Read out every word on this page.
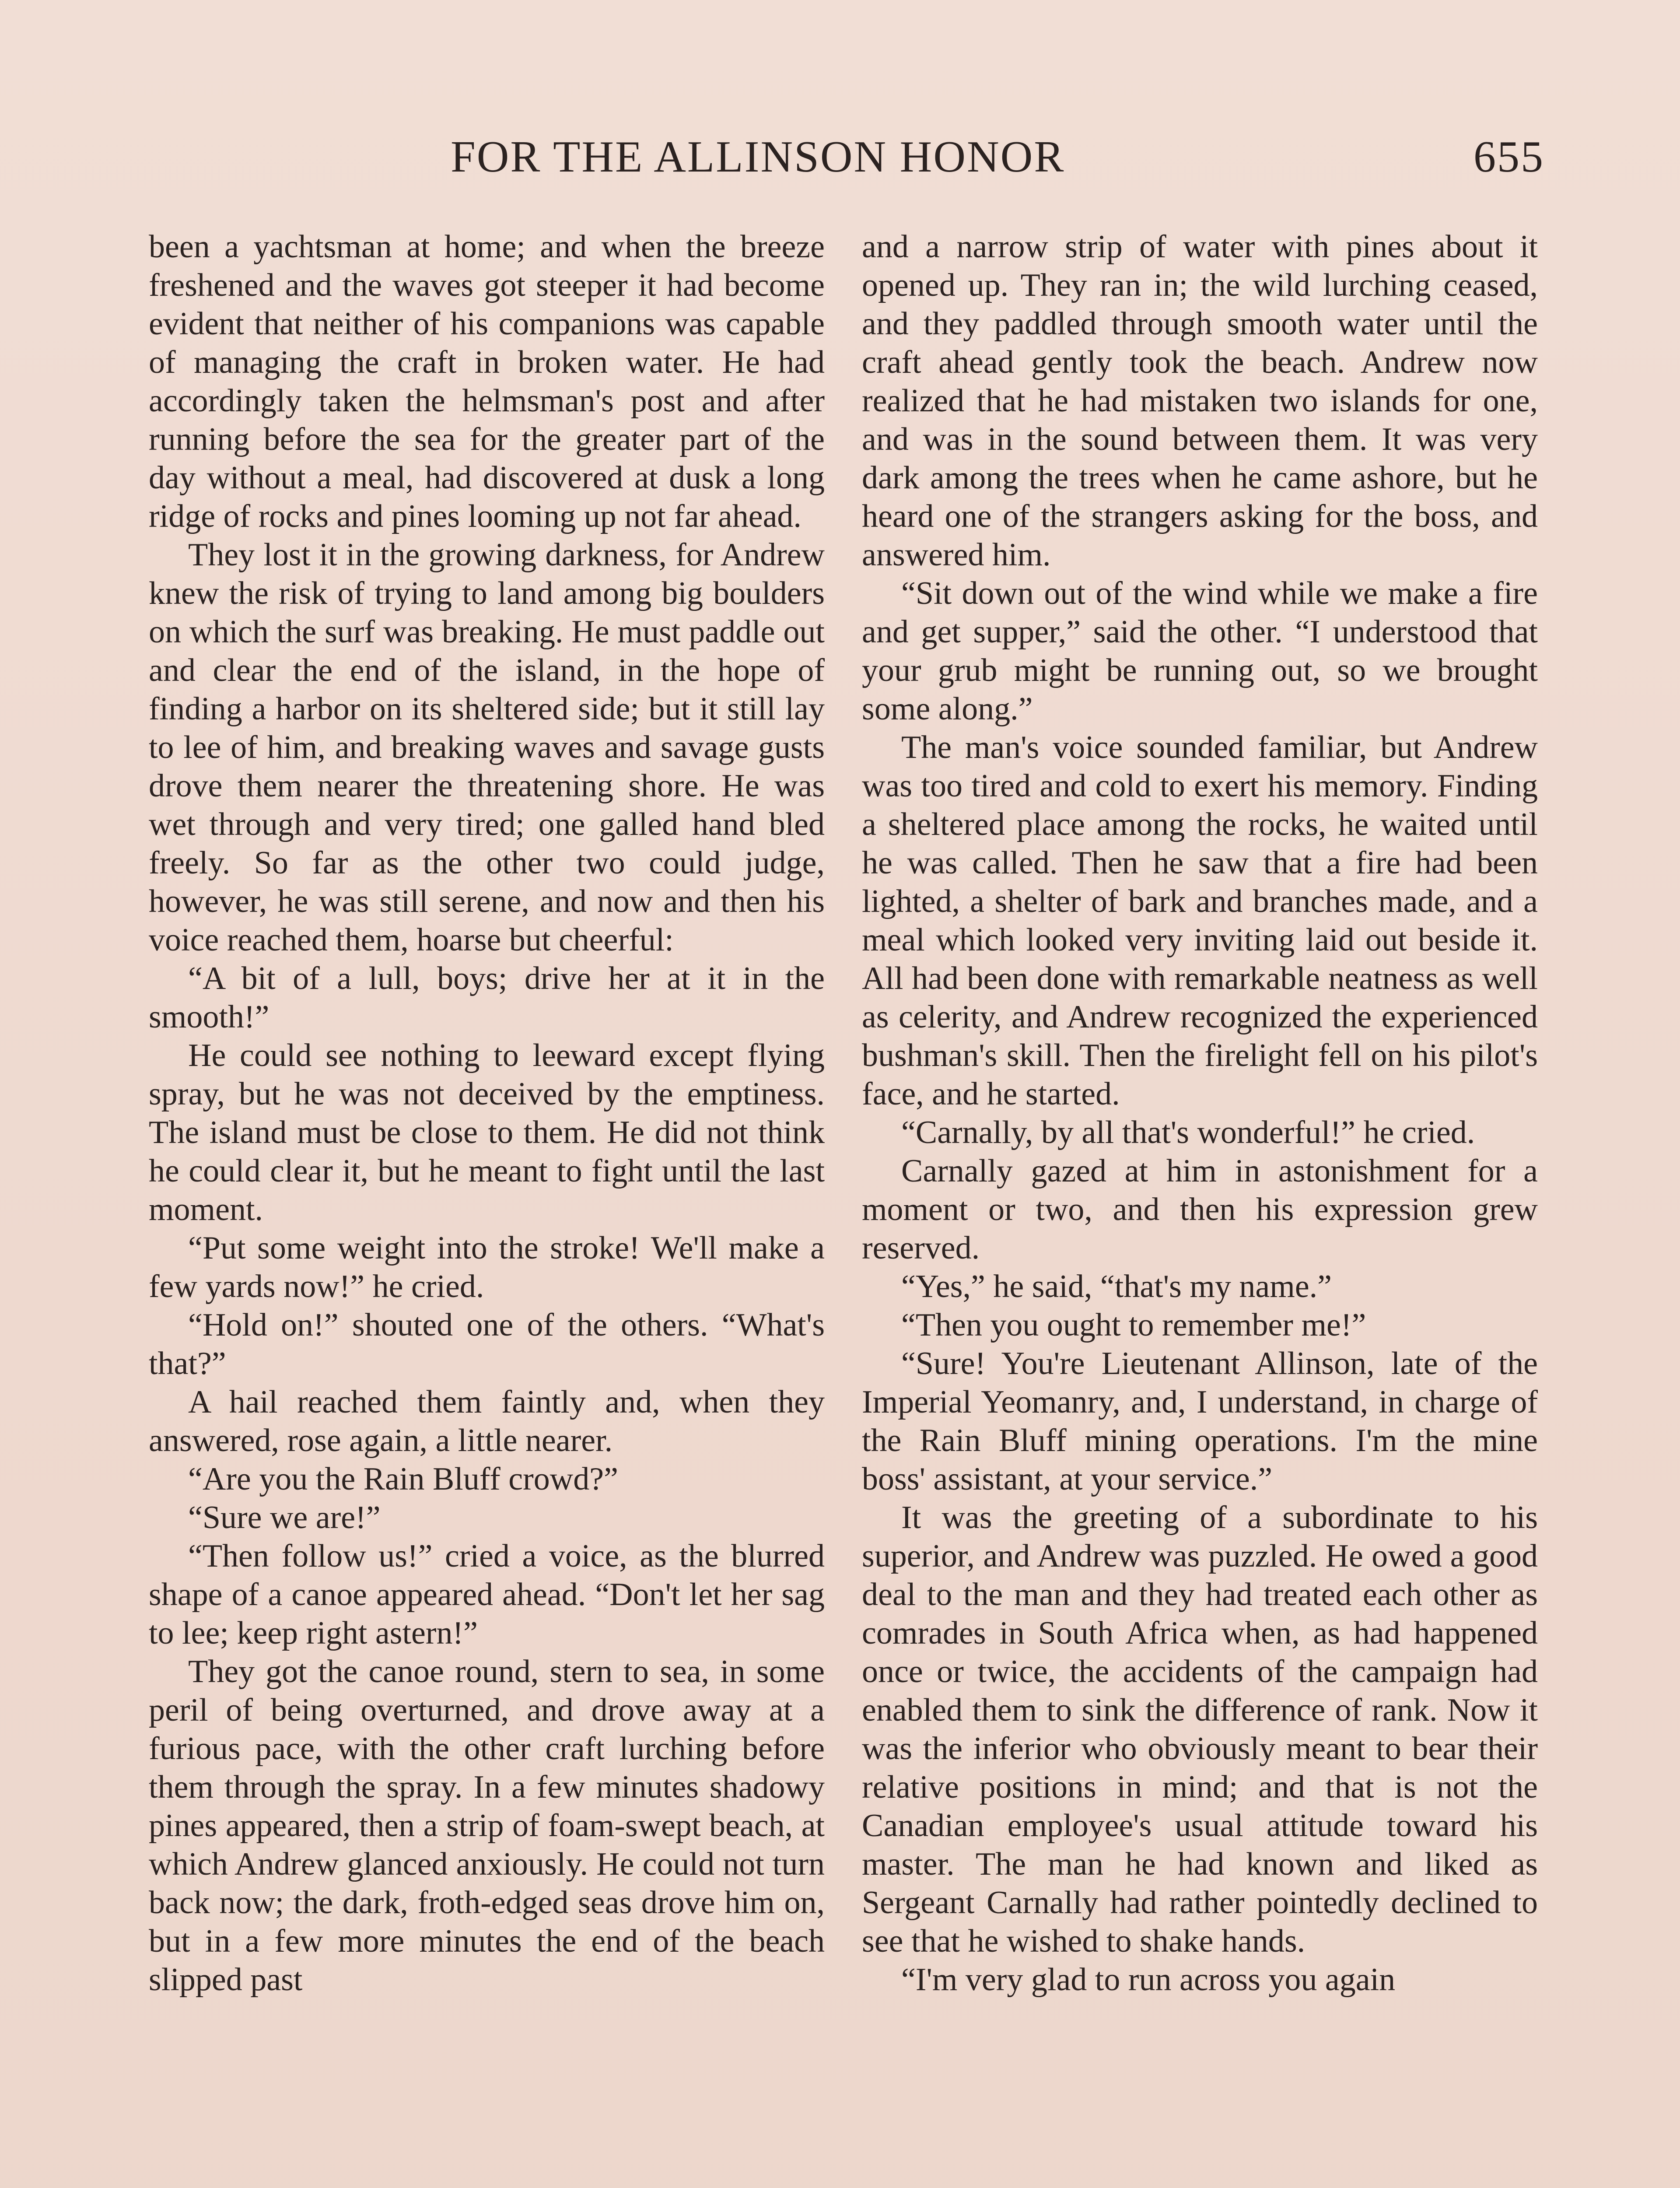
FOR THE ALLINSON HONOR	655

been a yachtsman at home; and when the breeze freshened and the waves got steeper it had become evident that neither of his companions was capable of managing the craft in broken water. He had accordingly taken the helmsman's post and after running before the sea for the greater part of the day without a meal, had discovered at dusk a long ridge of rocks and pines looming up not far ahead.

They lost it in the growing darkness, for Andrew knew the risk of trying to land among big boulders on which the surf was breaking. He must paddle out and clear the end of the island, in the hope of finding a harbor on its sheltered side; but it still lay to lee of him, and breaking waves and savage gusts drove them nearer the threatening shore. He was wet through and very tired; one galled hand bled freely. So far as the other two could judge, however, he was still serene, and now and then his voice reached them, hoarse but cheerful:

“A bit of a lull, boys; drive her at it in the smooth!”

He could see nothing to leeward except flying spray, but he was not deceived by the emptiness. The island must be close to them. He did not think he could clear it, but he meant to fight until the last moment.

“Put some weight into the stroke! We'll make a few yards now!” he cried.

“Hold on!” shouted one of the others. “What's that?”

A hail reached them faintly and, when they answered, rose again, a little nearer.

“Are you the Rain Bluff crowd?”

“Sure we are!”

“Then follow us!” cried a voice, as the blurred shape of a canoe appeared ahead. “Don't let her sag to lee; keep right astern!”

They got the canoe round, stern to sea, in some peril of being overturned, and drove away at a furious pace, with the other craft lurching before them through the spray. In a few minutes shadowy pines appeared, then a strip of foam-swept beach, at which Andrew glanced anxiously. He could not turn back now; the dark, froth-edged seas drove him on, but in a few more minutes the end of the beach slipped past

and a narrow strip of water with pines about it opened up. They ran in; the wild lurching ceased, and they paddled through smooth water until the craft ahead gently took the beach. Andrew now realized that he had mistaken two islands for one, and was in the sound between them. It was very dark among the trees when he came ashore, but he heard one of the strangers asking for the boss, and answered him.

“Sit down out of the wind while we make a fire and get supper,” said the other. “I understood that your grub might be running out, so we brought some along.”

The man's voice sounded familiar, but Andrew was too tired and cold to exert his memory. Finding a sheltered place among the rocks, he waited until he was called. Then he saw that a fire had been lighted, a shelter of bark and branches made, and a meal which looked very inviting laid out beside it. All had been done with remarkable neatness as well as celerity, and Andrew recognized the experienced bushman's skill. Then the firelight fell on his pilot's face, and he started.

“Carnally, by all that's wonderful!” he cried.

Carnally gazed at him in astonishment for a moment or two, and then his expression grew reserved.

“Yes,” he said, “that's my name.”

“Then you ought to remember me!”

“Sure! You're Lieutenant Allinson, late of the Imperial Yeomanry, and, I understand, in charge of the Rain Bluff mining operations. I'm the mine boss' assistant, at your service.”

It was the greeting of a subordinate to his superior, and Andrew was puzzled. He owed a good deal to the man and they had treated each other as comrades in South Africa when, as had happened once or twice, the accidents of the campaign had enabled them to sink the difference of rank. Now it was the inferior who obviously meant to bear their relative positions in mind; and that is not the Canadian employee's usual attitude toward his master. The man he had known and liked as Sergeant Carnally had rather pointedly declined to see that he wished to shake hands.

“I'm very glad to run across you again
